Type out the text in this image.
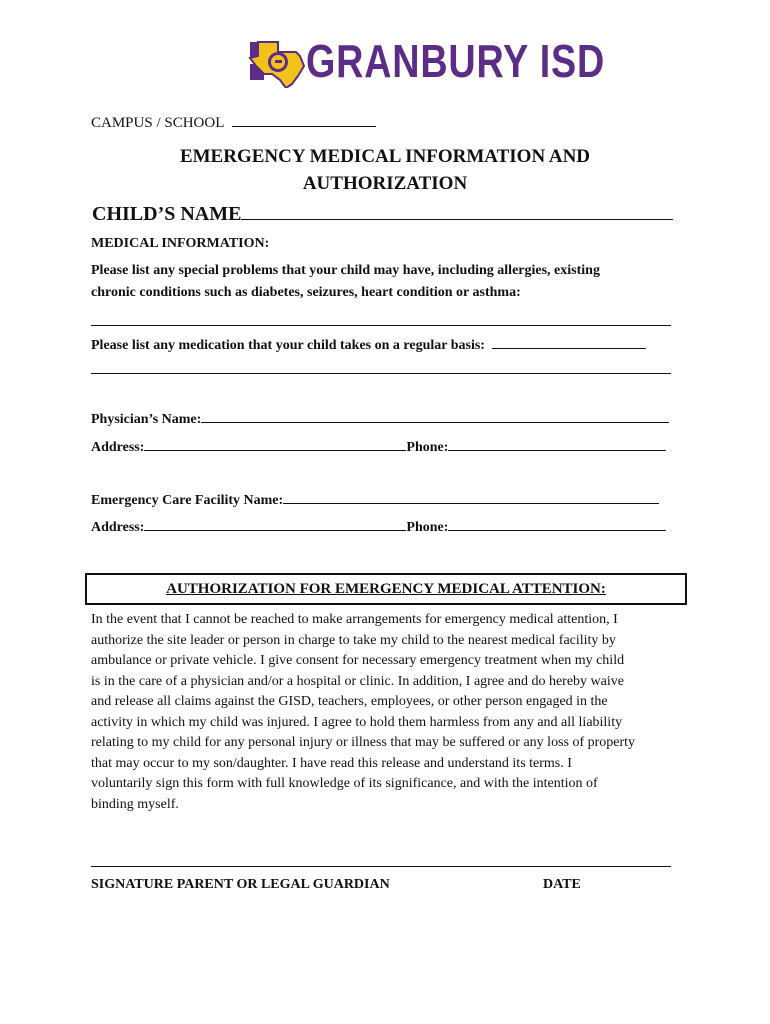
GRANBURY ISD
CAMPUS / SCHOOL
EMERGENCY MEDICAL INFORMATION AND
AUTHORIZATION
CHILD’S NAME
MEDICAL INFORMATION:
Please list any special problems that your child may have, including allergies, existing
chronic conditions such as diabetes, seizures, heart condition or asthma:
Please list any medication that your child takes on a regular basis:
Physician’s Name:
Address:	Phone:
Emergency Care Facility Name:
Address:	Phone:
AUTHORIZATION FOR EMERGENCY MEDICAL ATTENTION:
In the event that I cannot be reached to make arrangements for emergency medical attention, I
authorize the site leader or person in charge to take my child to the nearest medical facility by
ambulance or private vehicle. I give consent for necessary emergency treatment when my child
is in the care of a physician and/or a hospital or clinic. In addition, I agree and do hereby waive
and release all claims against the GISD, teachers, employees, or other person engaged in the
activity in which my child was injured. I agree to hold them harmless from any and all liability
relating to my child for any personal injury or illness that may be suffered or any loss of property
that may occur to my son/daughter. I have read this release and understand its terms. I
voluntarily sign this form with full knowledge of its significance, and with the intention of
binding myself.
SIGNATURE PARENT OR LEGAL GUARDIAN	DATE
